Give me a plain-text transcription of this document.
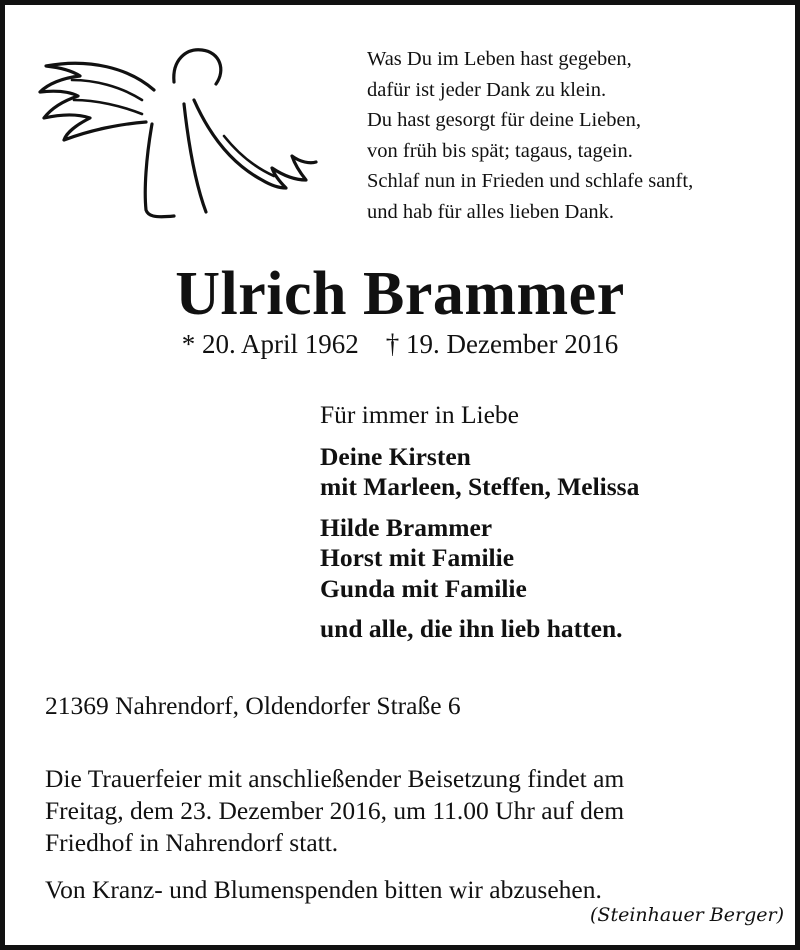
Was Du im Leben hast gegeben,
dafür ist jeder Dank zu klein.
Du hast gesorgt für deine Lieben,
von früh bis spät; tagaus, tagein.
Schlaf nun in Frieden und schlafe sanft,
und hab für alles lieben Dank.
Ulrich Brammer
* 20. April 1962    † 19. Dezember 2016
Für immer in Liebe
Deine Kirsten
mit Marleen, Steffen, Melissa
Hilde Brammer
Horst mit Familie
Gunda mit Familie
und alle, die ihn lieb hatten.
21369 Nahrendorf, Oldendorfer Straße 6
Die Trauerfeier mit anschließender Beisetzung findet am
Freitag, dem 23. Dezember 2016, um 11.00 Uhr auf dem
Friedhof in Nahrendorf statt.
Von Kranz- und Blumenspenden bitten wir abzusehen.
(Steinhauer Berger)
